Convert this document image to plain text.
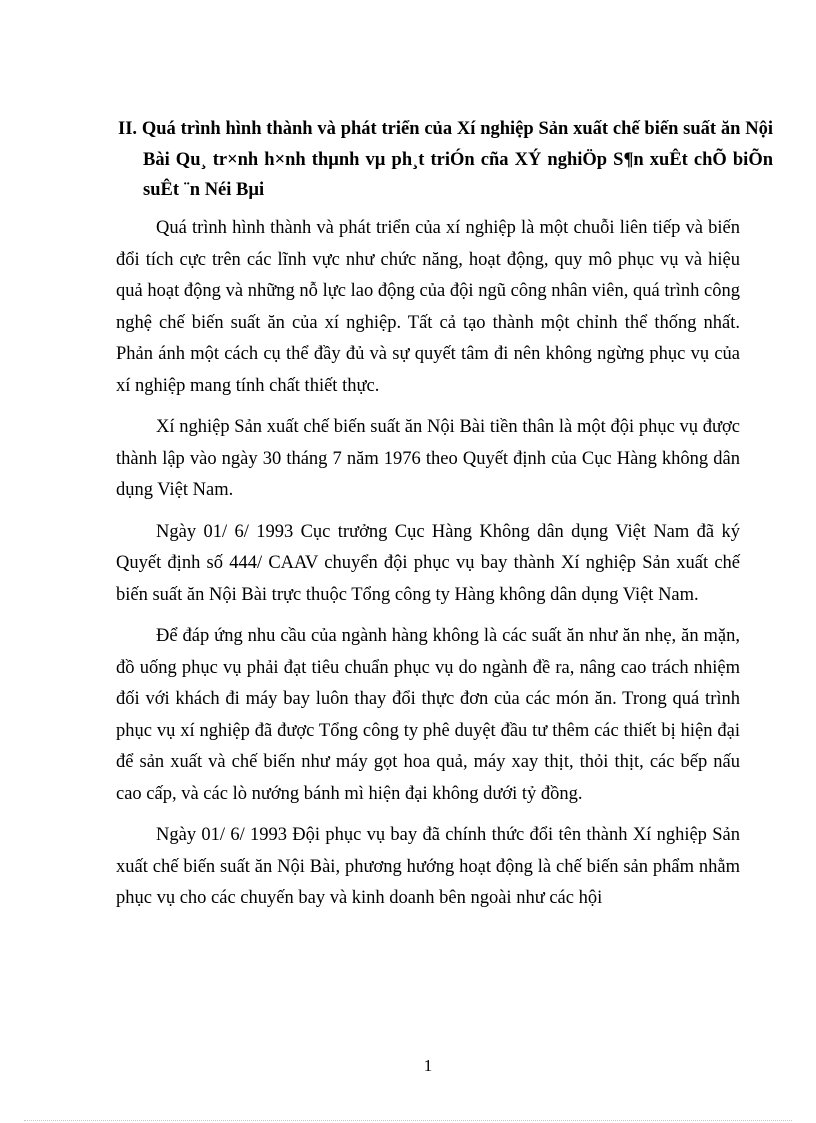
II. Quá trình hình thành và phát triển của Xí nghiệp Sản xuất chế biến suất ăn Nội Bài Qu¸ tr×nh h×nh thµnh vµ ph¸t triÓn cña XÝ nghiÖp S¶n xuÊt chÕ biÕn suÊt ¨n Néi Bµi

Quá trình hình thành và phát triển của xí nghiệp là một chuỗi liên tiếp và biến đổi tích cực trên các lĩnh vực như chức năng, hoạt động, quy mô phục vụ và hiệu quả hoạt động và những nỗ lực lao động của đội ngũ công nhân viên, quá trình công nghệ chế biến suất ăn của xí nghiệp. Tất cả tạo thành một chỉnh thể thống nhất. Phản ánh một cách cụ thể đầy đủ và sự quyết tâm đi nên không ngừng phục vụ của xí nghiệp mang tính chất thiết thực.

Xí nghiệp Sản xuất chế biến suất ăn Nội Bài tiền thân là một đội phục vụ được thành lập vào ngày 30 tháng 7 năm 1976 theo Quyết định của Cục Hàng không dân dụng Việt Nam.

Ngày 01/ 6/ 1993 Cục trưởng Cục Hàng Không dân dụng Việt Nam đã ký Quyết định số 444/ CAAV chuyển đội phục vụ bay thành Xí nghiệp Sản xuất chế biến suất ăn Nội Bài trực thuộc Tổng công ty Hàng không dân dụng Việt Nam.

Để đáp ứng nhu cầu của ngành hàng không là các suất ăn như ăn nhẹ, ăn mặn, đồ uống phục vụ phải đạt tiêu chuẩn phục vụ do ngành đề ra, nâng cao trách nhiệm đối với khách đi máy bay luôn thay đổi thực đơn của các món ăn. Trong quá trình phục vụ xí nghiệp đã được Tổng công ty phê duyệt đầu tư thêm các thiết bị hiện đại để sản xuất và chế biến như máy gọt hoa quả, máy xay thịt, thỏi thịt, các bếp nấu cao cấp, và các lò nướng bánh mì hiện đại không dưới tỷ đồng.

Ngày 01/ 6/ 1993 Đội phục vụ bay đã chính thức đổi tên thành Xí nghiệp Sản xuất chế biến suất ăn Nội Bài, phương hướng hoạt động là chế biến sản phẩm nhằm phục vụ cho các chuyến bay và kinh doanh bên ngoài như các hội

1
